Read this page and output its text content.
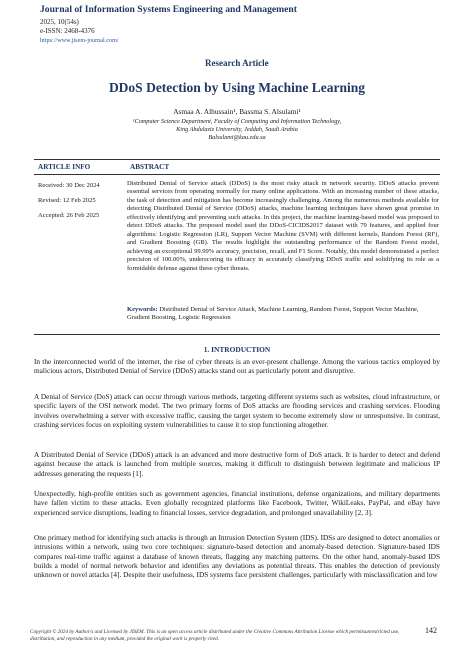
Journal of Information Systems Engineering and Management
2025, 10(54s)
e-ISSN: 2468-4376
https://www.jisem-journal.com/
Research Article
DDoS Detection by Using Machine Learning
Asmaa A. Alhussain¹, Bassma S. Alsulami¹
¹Computer Science Department, Faculty of Computing and Information Technology,
King Abdulaziz University, Jeddah, Saudi Arabia
Balsulami@kau.edu.sa
ARTICLE INFO	ABSTRACT
Received: 30 Dec 2024
Revised: 12 Feb 2025
Accepted: 26 Feb 2025

Distributed Denial of Service attack (DDoS) is the most risky attack in network security. DDoS attacks prevent essential services from operating normally for many online applications. With an increasing number of these attacks, the task of detection and mitigation has become increasingly challenging. Among the numerous methods available for detecting Distributed Denial of Service (DDoS) attacks, machine learning techniques have shown great promise in effectively identifying and preventing such attacks. In this project, the machine learning-based model was proposed to detect DDoS attacks. The proposed model used the DDoS-CICIDS2017 dataset with 79 features, and applied four algorithms: Logistic Regression (LR), Support Vector Machine (SVM) with different kernels, Random Forest (RF), and Gradient Boosting (GB). The results highlight the outstanding performance of the Random Forest model, achieving an exceptional 99.99% accuracy, precision, recall, and F1 Score. Notably, this model demonstrated a perfect precision of 100.00%, underscoring its efficacy in accurately classifying DDoS traffic and solidifying its role as a formidable defense against these cyber threats.

Keywords: Distributed Denial of Service Attack, Machine Learning, Random Forest, Support Vector Machine, Gradient Boosting, Logistic Regression

1. INTRODUCTION

In the interconnected world of the internet, the rise of cyber threats is an ever-present challenge. Among the various tactics employed by malicious actors, Distributed Denial of Service (DDoS) attacks stand out as particularly potent and disruptive.

A Denial of Service (DoS) attack can occur through various methods, targeting different systems such as websites, cloud infrastructure, or specific layers of the OSI network model. The two primary forms of DoS attacks are flooding services and crashing services. Flooding involves overwhelming a server with excessive traffic, causing the target system to become extremely slow or unresponsive. In contrast, crashing services focus on exploiting system vulnerabilities to cause it to stop functioning altogether.

A Distributed Denial of Service (DDoS) attack is an advanced and more destructive form of DoS attack. It is harder to detect and defend against because the attack is launched from multiple sources, making it difficult to distinguish between legitimate and malicious IP addresses generating the requests [1].

Unexpectedly, high-profile entities such as government agencies, financial institutions, defense organizations, and military departments have fallen victim to these attacks. Even globally recognized platforms like Facebook, Twitter, WikiLeaks, PayPal, and eBay have experienced service disruptions, leading to financial losses, service degradation, and prolonged unavailability [2, 3].

One primary method for identifying such attacks is through an Intrusion Detection System (IDS). IDSs are designed to detect anomalies or intrusions within a network, using two core techniques: signature-based detection and anomaly-based detection. Signature-based IDS compares real-time traffic against a database of known threats, flagging any matching patterns. On the other hand, anomaly-based IDS builds a model of normal network behavior and identifies any deviations as potential threats. This enables the detection of previously unknown or novel attacks [4]. Despite their usefulness, IDS systems face persistent challenges, particularly with misclassification and low

Copyright © 2024 by Author/s and Licensed by JISEM. This is an open access article distributed under the Creative Commons Attribution License which permitsunrestricted use, distribution, and reproduction in any medium, provided the original work is properly cited.

142
